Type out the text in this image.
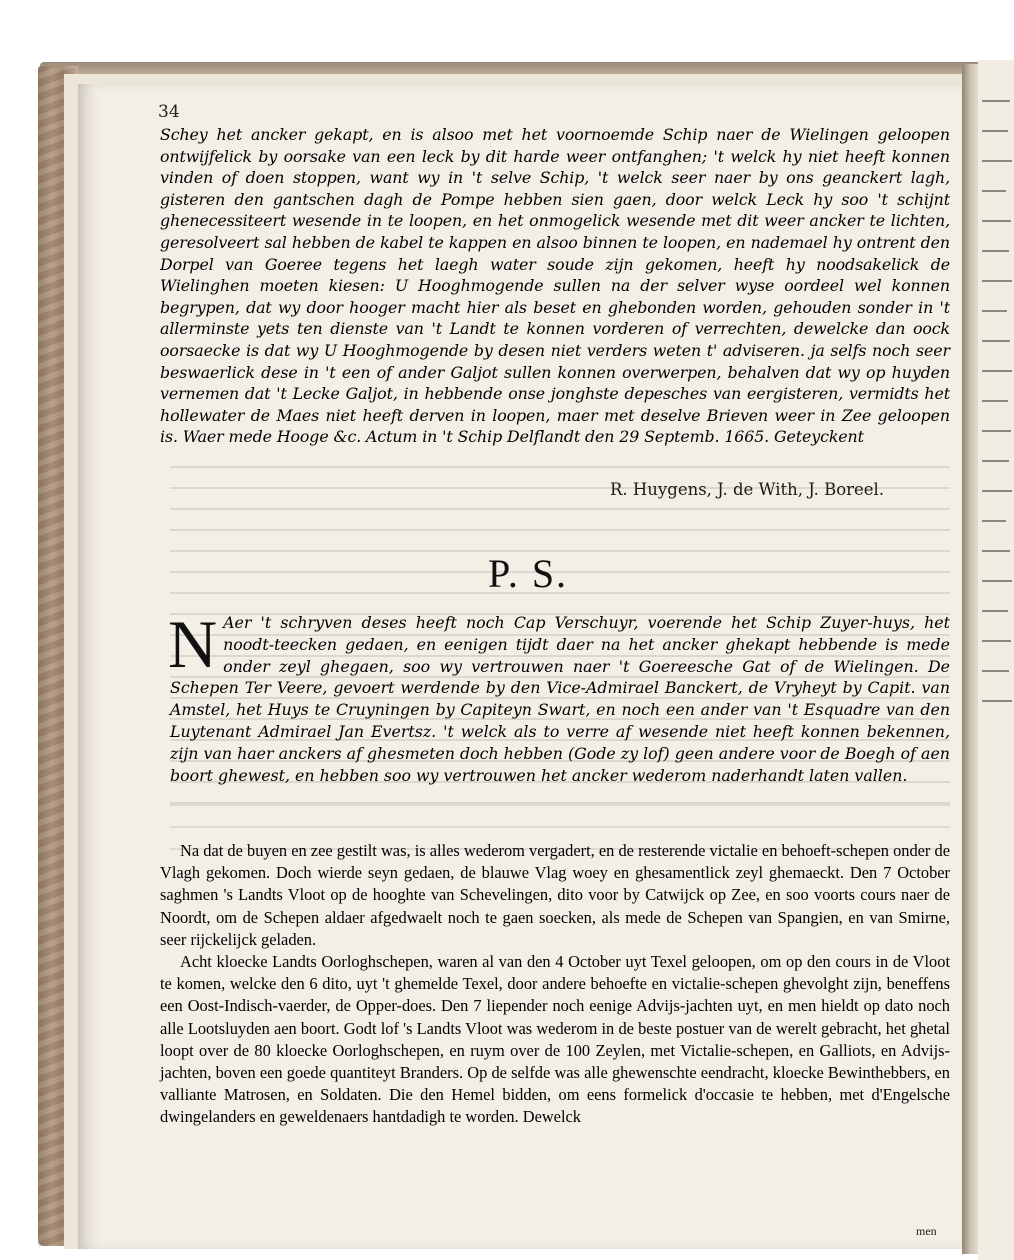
34

Schey het ancker gekapt, en is alsoo met het voornoemde Schip naer de Wielingen geloopen ontwijfelick by oorsake van een leck by dit harde weer ontfanghen; 't welck hy niet heeft konnen vinden of doen stoppen, want wy in 't selve Schip, 't welck seer naer by ons geanckert lagh, gisteren den gantschen dagh de Pompe hebben sien gaen, door welck Leck hy soo 't schijnt ghenecessiteert wesende in te loopen, en het onmogelick wesende met dit weer ancker te lichten, geresolveert sal hebben de kabel te kappen en alsoo binnen te loopen, en nademael hy ontrent den Dorpel van Goeree tegens het laegh water soude zijn gekomen, heeft hy noodsakelick de Wielinghen moeten kiesen: U Hooghmogende sullen na der selver wyse oordeel wel konnen begrypen, dat wy door hooger macht hier als beset en ghebonden worden, gehouden sonder in 't allerminste yets ten dienste van 't Landt te konnen vorderen of verrechten, dewelcke dan oock oorsaecke is dat wy U Hooghmogende by desen niet verders weten t' adviseren. ja selfs noch seer beswaerlick dese in 't een of ander Galjot sullen konnen overwerpen, behalven dat wy op huyden vernemen dat 't Lecke Galjot, in hebbende onse jonghste depesches van eergisteren, vermidts het hollewater de Maes niet heeft derven in loopen, maer met deselve Brieven weer in Zee geloopen is. Waer mede Hooge &c. Actum in 't Schip Delflandt den 29 Septemb. 1665. Geteyckent

R. Huygens, J. de With, J. Boreel.
P. S.
N Aer 't schryven deses heeft noch Cap Verschuyr, voerende het Schip Zuyer-huys, het noodt-teecken gedaen, en eenigen tijdt daer na het ancker ghekapt hebbende is mede onder zeyl ghegaen, soo wy vertrouwen naer 't Goereesche Gat of de Wielingen. De Schepen Ter Veere, gevoert werdende by den Vice-Admirael Banckert, de Vryheyt by Capit. van Amstel, het Huys te Cruyningen by Capiteyn Swart, en noch een ander van 't Esquadre van den Luytenant Admirael Jan Evertsz. 't welck als to verre af wesende niet heeft konnen bekennen, zijn van haer anckers af ghesmeten doch hebben (Gode zy lof) geen andere voor de Boegh of aen boort ghewest, en hebben soo wy vertrouwen het ancker wederom naderhandt laten vallen.

Na dat de buyen en zee gestilt was, is alles wederom vergadert, en de resterende victalie en behoeft-schepen onder de Vlagh gekomen. Doch wierde seyn gedaen, de blauwe Vlag woey en ghesamentlick zeyl ghemaeckt. Den 7 October saghmen 's Landts Vloot op de hooghte van Schevelingen, dito voor by Catwijck op Zee, en soo voorts cours naer de Noordt, om de Schepen aldaer afgedwaelt noch te gaen soecken, als mede de Schepen van Spangien, en van Smirne, seer rijckelijck geladen.

Acht kloecke Landts Oorloghschepen, waren al van den 4 October uyt Texel geloopen, om op den cours in de Vloot te komen, welcke den 6 dito, uyt 't ghemelde Texel, door andere behoefte en victalie-schepen ghevolght zijn, beneffens een Oost-Indisch-vaerder, de Opper-does. Den 7 liepender noch eenige Advijs-jachten uyt, en men hieldt op dato noch alle Lootsluyden aen boort. Godt lof 's Landts Vloot was wederom in de beste postuer van de werelt gebracht, het ghetal loopt over de 80 kloecke Oorloghschepen, en ruym over de 100 Zeylen, met Victalie-schepen, en Galliots, en Advijs-jachten, boven een goede quantiteyt Branders. Op de selfde was alle ghewenschte eendracht, kloecke Bewinthebbers, en valliante Matrosen, en Soldaten. Die den Hemel bidden, om eens formelick d'occasie te hebben, met d'Engelsche dwingelanders en geweldenaers hantdadigh te worden. Dewelck

men
